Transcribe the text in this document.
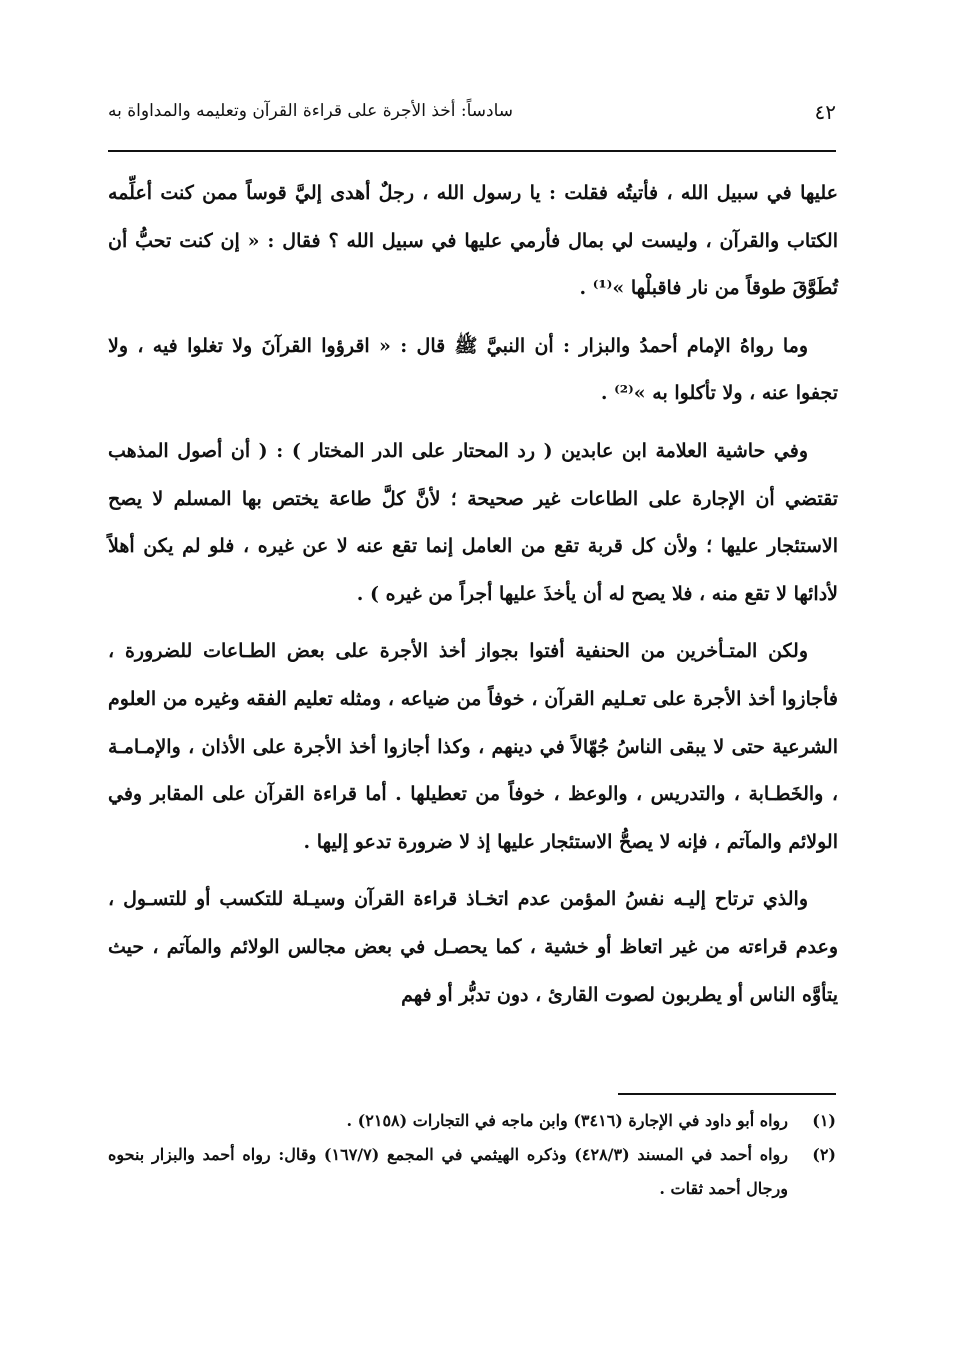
٤٢
سادساً: أخذ الأجرة على قراءة القرآن وتعليمه والمداواة به

عليها في سبيل الله ، فأتيتُه فقلت : يا رسول الله ، رجلٌ أهدى إليَّ قوساً ممن كنت أعلِّمه الكتاب والقرآن ، وليست لي بمال فأرمي عليها في سبيل الله ؟ فقال : « إن كنت تحبُّ أن تُطَوَّقَ طوقاً من نار فاقبلْها »⁽¹⁾ .

وما رواهُ الإمام أحمدُ والبزار : أن النبيَّ ﷺ قال : « اقرؤوا القرآنَ ولا تغلوا فيه ، ولا تجفوا عنه ، ولا تأكلوا به »⁽²⁾ .

وفي حاشية العلامة ابن عابدين ( رد المحتار على الدر المختار ) : ( أن أصول المذهب تقتضي أن الإجارة على الطاعات غير صحيحة ؛ لأنَّ كلَّ طاعة يختص بها المسلم لا يصح الاستئجار عليها ؛ ولأن كل قربة تقع من العامل إنما تقع عنه لا عن غيره ، فلو لم يكن أهلاً لأدائها لا تقع منه ، فلا يصح له أن يأخذَ عليها أجراً من غيره ) .

ولكن المتـأخرين من الحنفية أفتوا بجواز أخذ الأجرة على بعض الطـاعات للضرورة ، فأجازوا أخذ الأجرة على تعـليم القرآن ، خوفاً من ضياعه ، ومثله تعليم الفقه وغيره من العلوم الشرعية حتى لا يبقى الناسُ جُهّالاً في دينهم ، وكذا أجازوا أخذ الأجرة على الأذان ، والإمـامـة ، والخَطـابة ، والتدريس ، والوعظ ، خوفاً من تعطيلها . أما قراءة القرآن على المقابر وفي الولائم والمآتم ، فإنه لا يصحُّ الاستئجار عليها إذ لا ضرورة تدعو إليها .

والذي ترتاح إليـه نفسُ المؤمن عدم اتخـاذ قراءة القرآن وسيـلة للتكسب أو للتسـول ، وعدم قراءته من غير اتعاظ أو خشية ، كما يحصـل في بعض مجالس الولائم والمآتم ، حيث يتأوَّه الناس أو يطربون لصوت القارئ ، دون تدبُّر أو فهم

(١)
رواه أبو داود في الإجارة (٣٤١٦) وابن ماجه في التجارات (٢١٥٨) .
(٢)
رواه أحمد في المسند (٤٢٨/٣) وذكره الهيثمي في المجمع (١٦٧/٧) وقال: رواه أحمد والبزار بنحوه ورجال أحمد ثقات .
